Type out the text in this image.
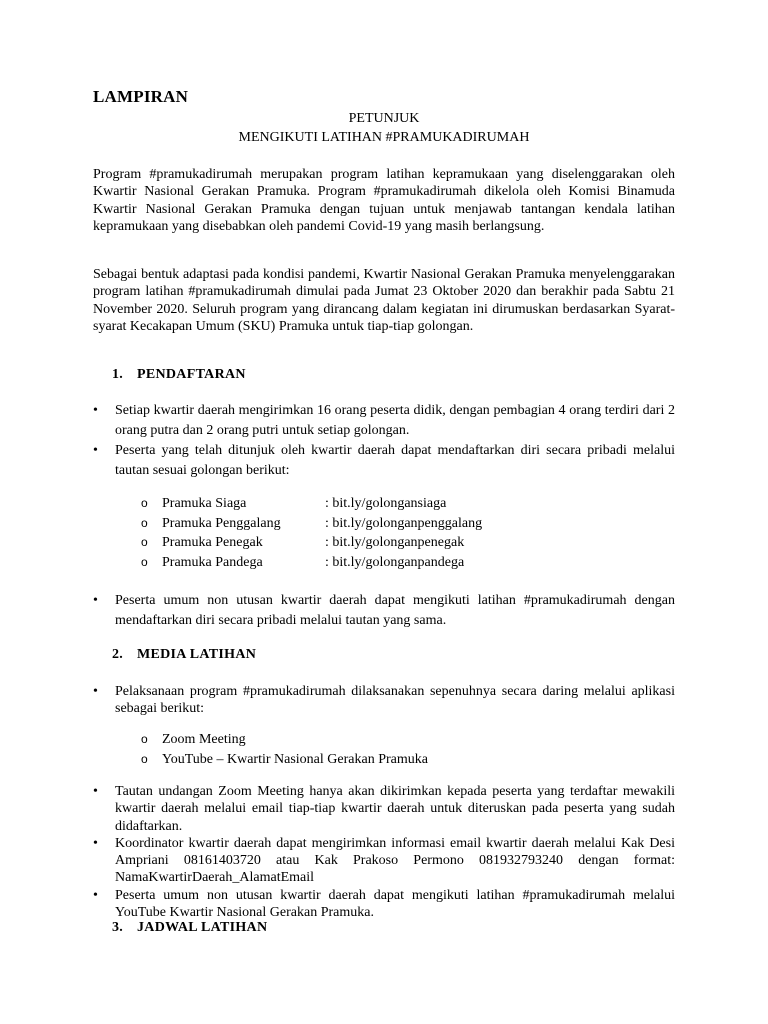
LAMPIRAN
PETUNJUK
MENGIKUTI LATIHAN #PRAMUKADIRUMAH
Program #pramukadirumah merupakan program latihan kepramukaan yang diselenggarakan oleh Kwartir Nasional Gerakan Pramuka. Program #pramukadirumah dikelola oleh Komisi Binamuda Kwartir Nasional Gerakan Pramuka dengan tujuan untuk menjawab tantangan kendala latihan kepramukaan yang disebabkan oleh pandemi Covid-19 yang masih berlangsung.
Sebagai bentuk adaptasi pada kondisi pandemi, Kwartir Nasional Gerakan Pramuka menyelenggarakan program latihan #pramukadirumah dimulai pada Jumat 23 Oktober 2020 dan berakhir pada Sabtu 21 November 2020. Seluruh program yang dirancang dalam kegiatan ini dirumuskan berdasarkan Syarat-syarat Kecakapan Umum (SKU) Pramuka untuk tiap-tiap golongan.
1. PENDAFTARAN
• Setiap kwartir daerah mengirimkan 16 orang peserta didik, dengan pembagian 4 orang terdiri dari 2 orang putra dan 2 orang putri untuk setiap golongan.
• Peserta yang telah ditunjuk oleh kwartir daerah dapat mendaftarkan diri secara pribadi melalui tautan sesuai golongan berikut:
o Pramuka Siaga	: bit.ly/golongansiaga
o Pramuka Penggalang	: bit.ly/golonganpenggalang
o Pramuka Penegak	: bit.ly/golonganpenegak
o Pramuka Pandega	: bit.ly/golonganpandega
• Peserta umum non utusan kwartir daerah dapat mengikuti latihan #pramukadirumah dengan mendaftarkan diri secara pribadi melalui tautan yang sama.
2. MEDIA LATIHAN
• Pelaksanaan program #pramukadirumah dilaksanakan sepenuhnya secara daring melalui aplikasi sebagai berikut:
o Zoom Meeting
o YouTube – Kwartir Nasional Gerakan Pramuka
• Tautan undangan Zoom Meeting hanya akan dikirimkan kepada peserta yang terdaftar mewakili kwartir daerah melalui email tiap-tiap kwartir daerah untuk diteruskan pada peserta yang sudah didaftarkan.
• Koordinator kwartir daerah dapat mengirimkan informasi email kwartir daerah melalui Kak Desi Ampriani 08161403720 atau Kak Prakoso Permono 081932793240 dengan format: NamaKwartirDaerah_AlamatEmail
• Peserta umum non utusan kwartir daerah dapat mengikuti latihan #pramukadirumah melalui YouTube Kwartir Nasional Gerakan Pramuka.
3. JADWAL LATIHAN
